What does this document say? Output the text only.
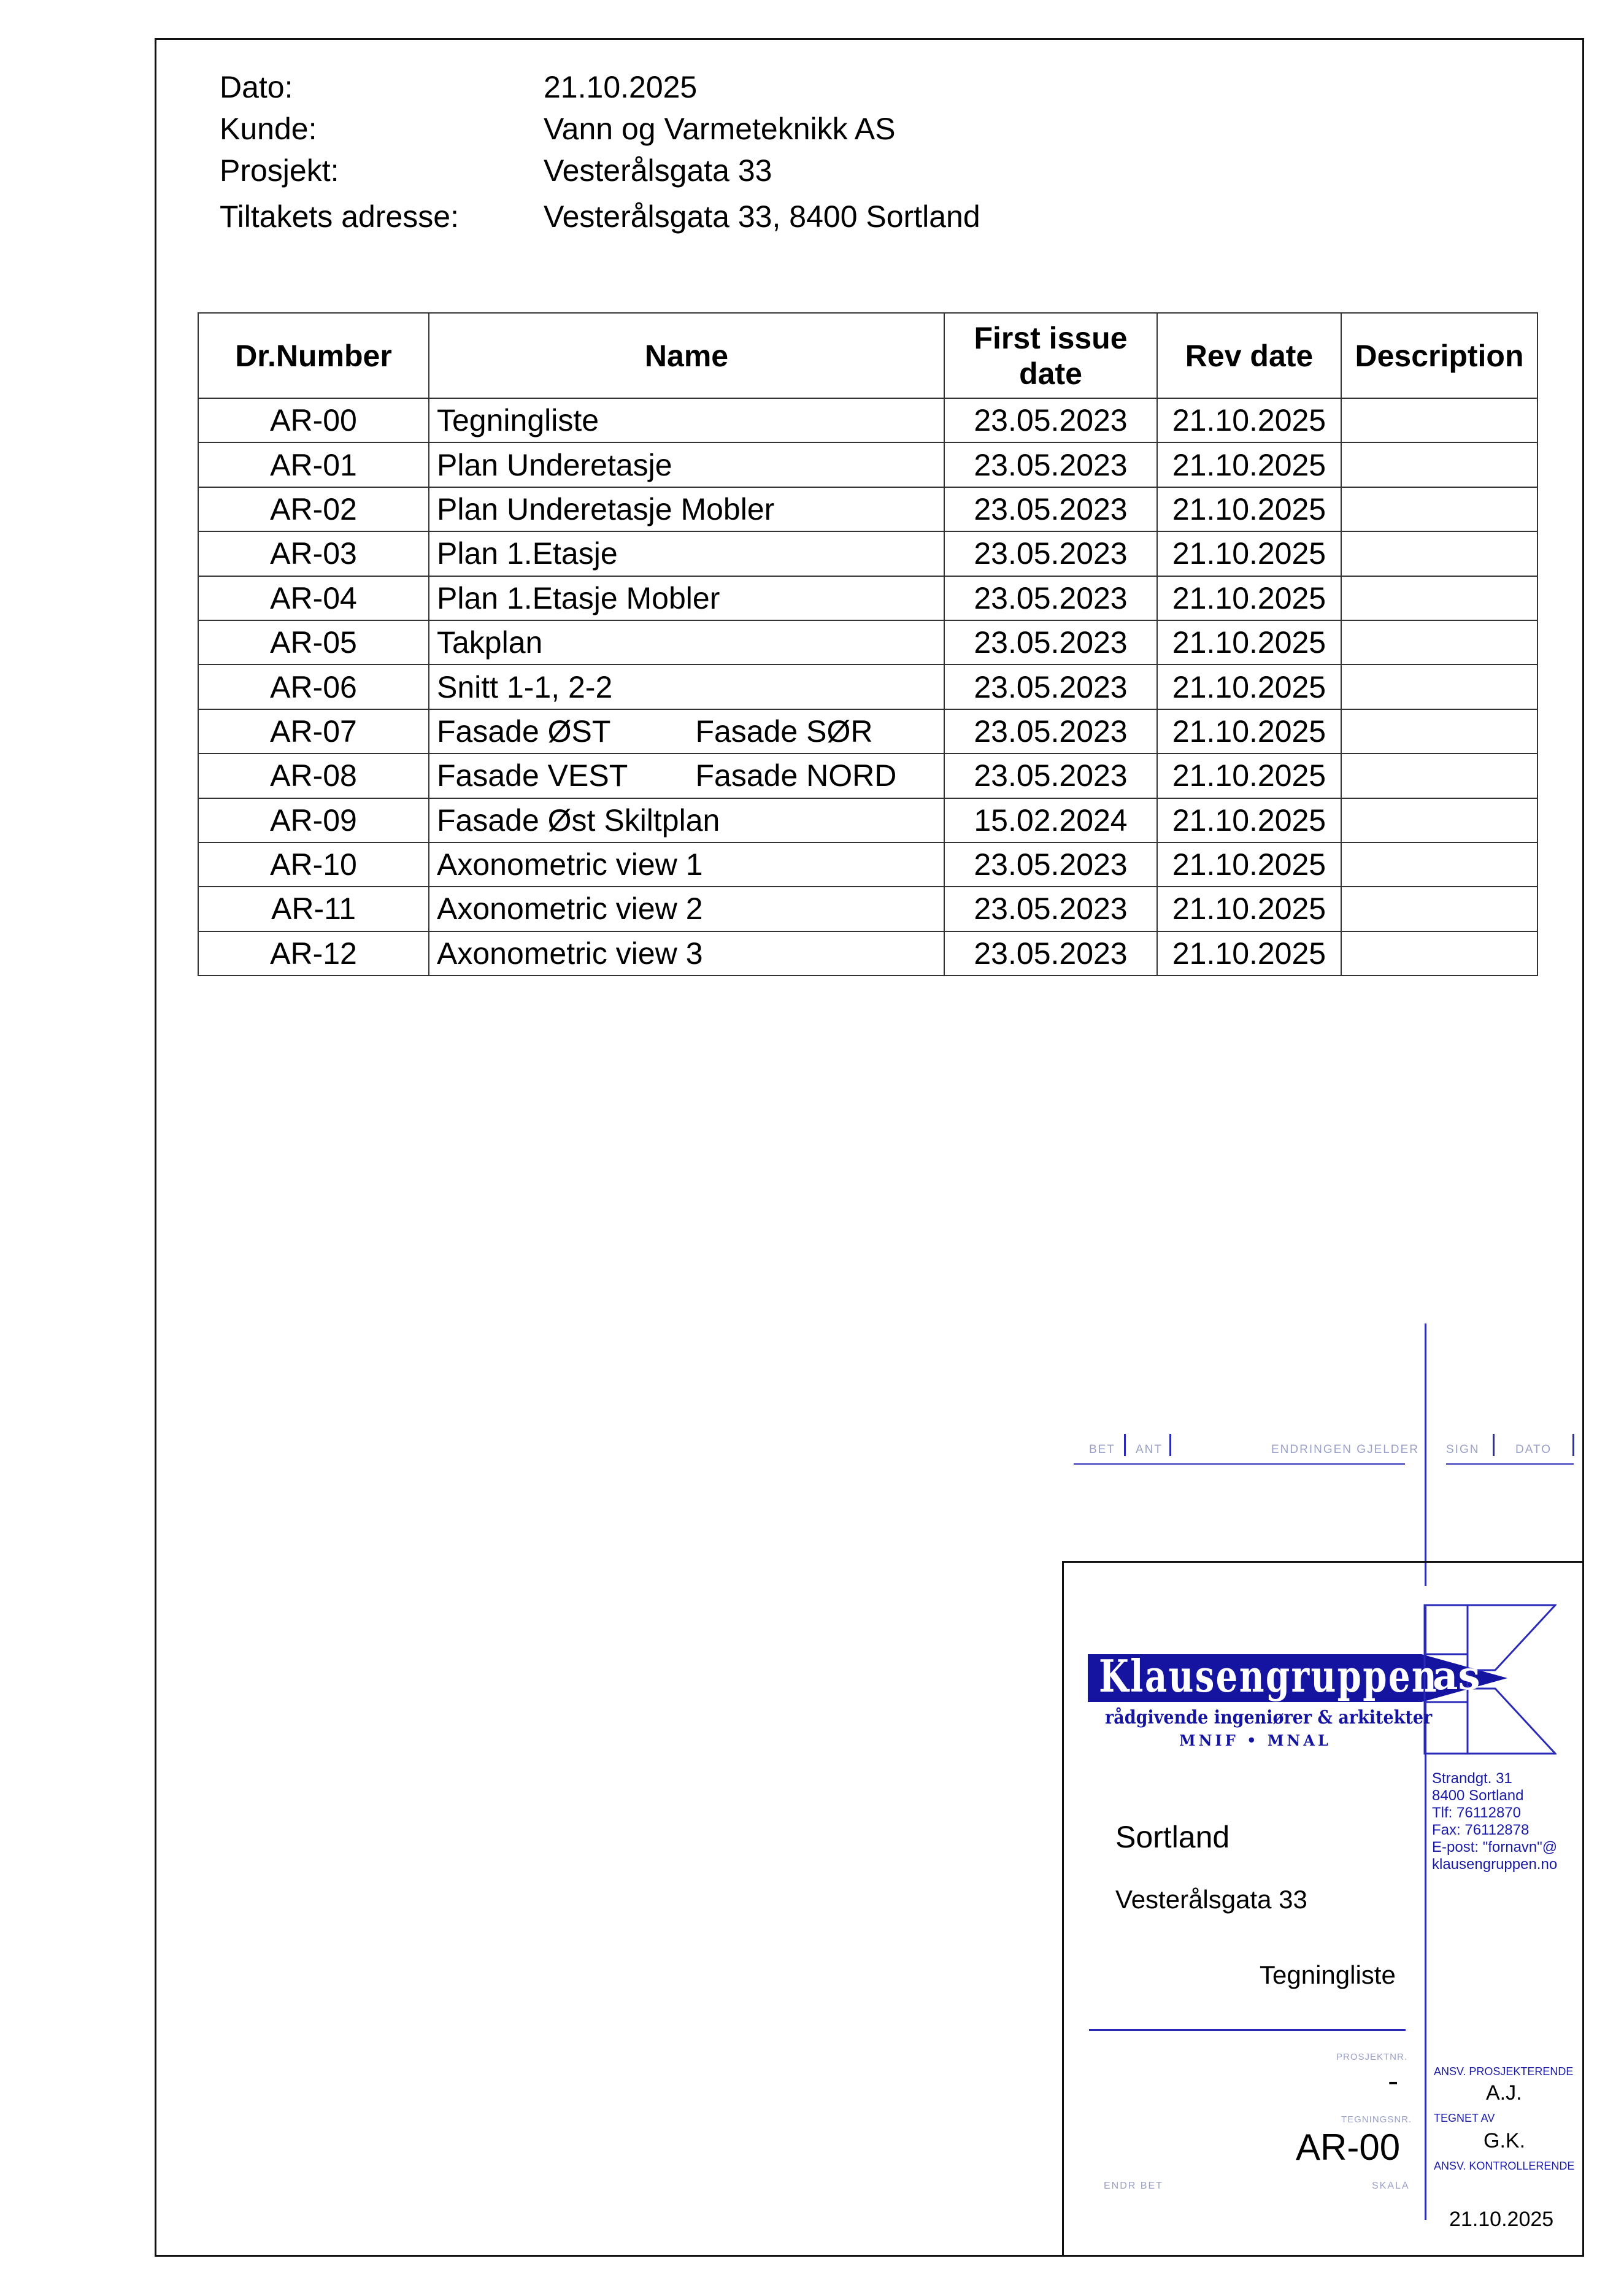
Dato:	21.10.2025
Kunde:	Vann og Varmeteknikk AS
Prosjekt:	Vesterålsgata 33
Tiltakets adresse:	Vesterålsgata 33, 8400 Sortland
Dr.Number	Name	First issue date	Rev date	Description
AR-00	Tegningliste	23.05.2023	21.10.2025	
AR-01	Plan Underetasje	23.05.2023	21.10.2025	
AR-02	Plan Underetasje Mobler	23.05.2023	21.10.2025	
AR-03	Plan 1.Etasje	23.05.2023	21.10.2025	
AR-04	Plan 1.Etasje Mobler	23.05.2023	21.10.2025	
AR-05	Takplan	23.05.2023	21.10.2025	
AR-06	Snitt 1-1, 2-2	23.05.2023	21.10.2025	
AR-07	Fasade ØST          Fasade SØR	23.05.2023	21.10.2025	
AR-08	Fasade VEST        Fasade NORD	23.05.2023	21.10.2025	
AR-09	Fasade Øst Skiltplan	15.02.2024	21.10.2025	
AR-10	Axonometric view 1	23.05.2023	21.10.2025	
AR-11	Axonometric view 2	23.05.2023	21.10.2025	
AR-12	Axonometric view 3	23.05.2023	21.10.2025	
BET ANT	ENDRINGEN GJELDER SIGN	DATO
Klausengruppen
as
rådgivende ingeniører & arkitekter
MNIF • MNAL
Strandgt. 31
8400 Sortland
Tlf: 76112870
Fax: 76112878
E-post: "fornavn"@
klausengruppen.no
Sortland
Vesterålsgata 33
Tegningliste
PROSJEKTNR.
-
TEGNINGSNR.
AR-00
ENDR BET	SKALA
ANSV. PROSJEKTERENDE
A.J.
TEGNET AV
G.K.
ANSV. KONTROLLERENDE
21.10.2025
